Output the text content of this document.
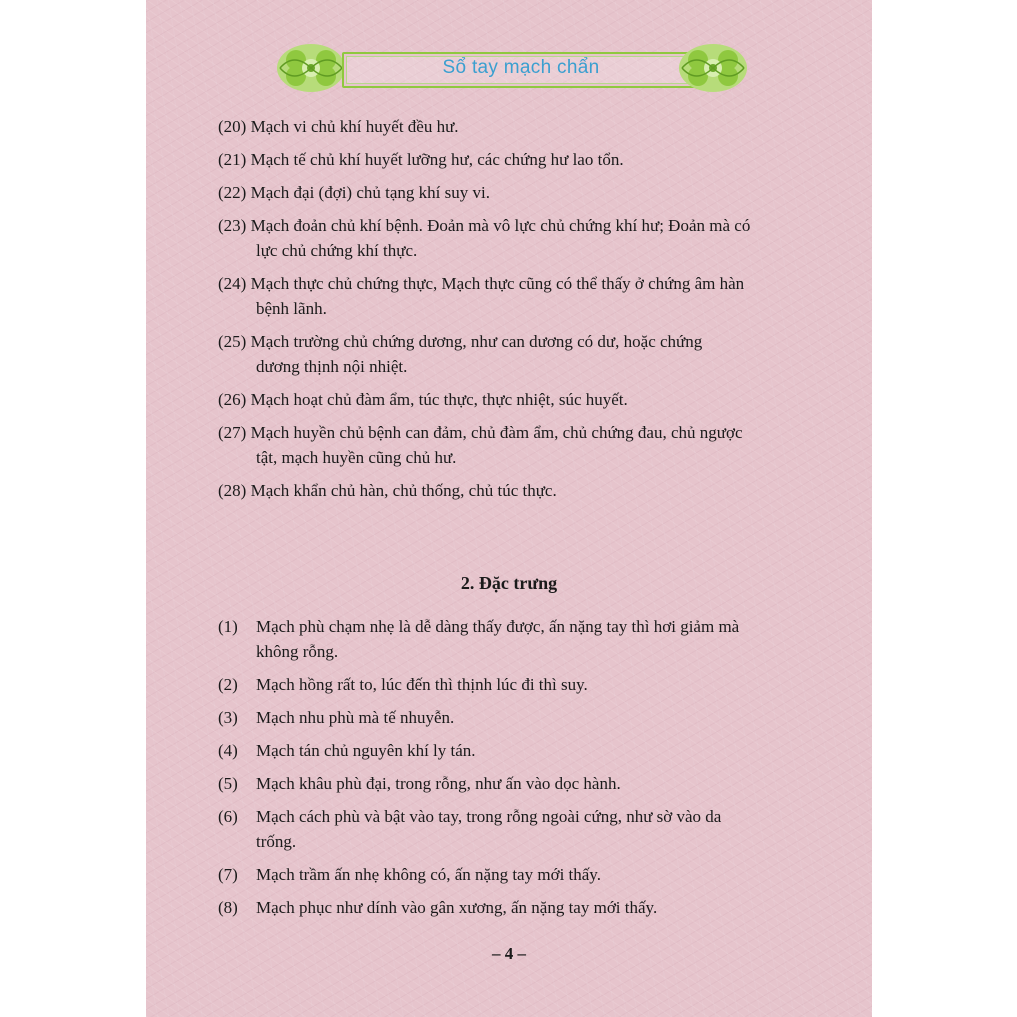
Sổ tay mạch chẩn
(20) Mạch vi chủ khí huyết đều hư.
(21) Mạch tế chủ khí huyết lưỡng hư, các chứng hư lao tổn.
(22) Mạch đại (đợi) chủ tạng khí suy vi.
(23) Mạch đoản chủ khí bệnh. Đoản mà vô lực chủ chứng khí hư; Đoản mà có
lực chủ chứng khí thực.
(24) Mạch thực chủ chứng thực, Mạch thực cũng có thể thấy ở chứng âm hàn
bệnh lãnh.
(25) Mạch trường chủ chứng dương, như can dương có dư, hoặc chứng
dương thịnh nội nhiệt.
(26) Mạch hoạt chủ đàm ẩm, túc thực, thực nhiệt, súc huyết.
(27) Mạch huyền chủ bệnh can đảm, chủ đàm ẩm, chủ chứng đau, chủ ngược
tật, mạch huyền cũng chủ hư.
(28) Mạch khẩn chủ hàn, chủ thống, chủ túc thực.
2. Đặc trưng
(1)	Mạch phù chạm nhẹ là dễ dàng thấy được, ấn nặng tay thì hơi giảm mà
không rỗng.
(2)	Mạch hồng rất to, lúc đến thì thịnh lúc đi thì suy.
(3)	Mạch nhu phù mà tế nhuyễn.
(4)	Mạch tán chủ nguyên khí ly tán.
(5)	Mạch khâu phù đại, trong rỗng, như ấn vào dọc hành.
(6)	Mạch cách phù và bật vào tay, trong rỗng ngoài cứng, như sờ vào da
trống.
(7)	Mạch trầm ấn nhẹ không có, ấn nặng tay mới thấy.
(8)	Mạch phục như dính vào gân xương, ấn nặng tay mới thấy.
– 4 –
